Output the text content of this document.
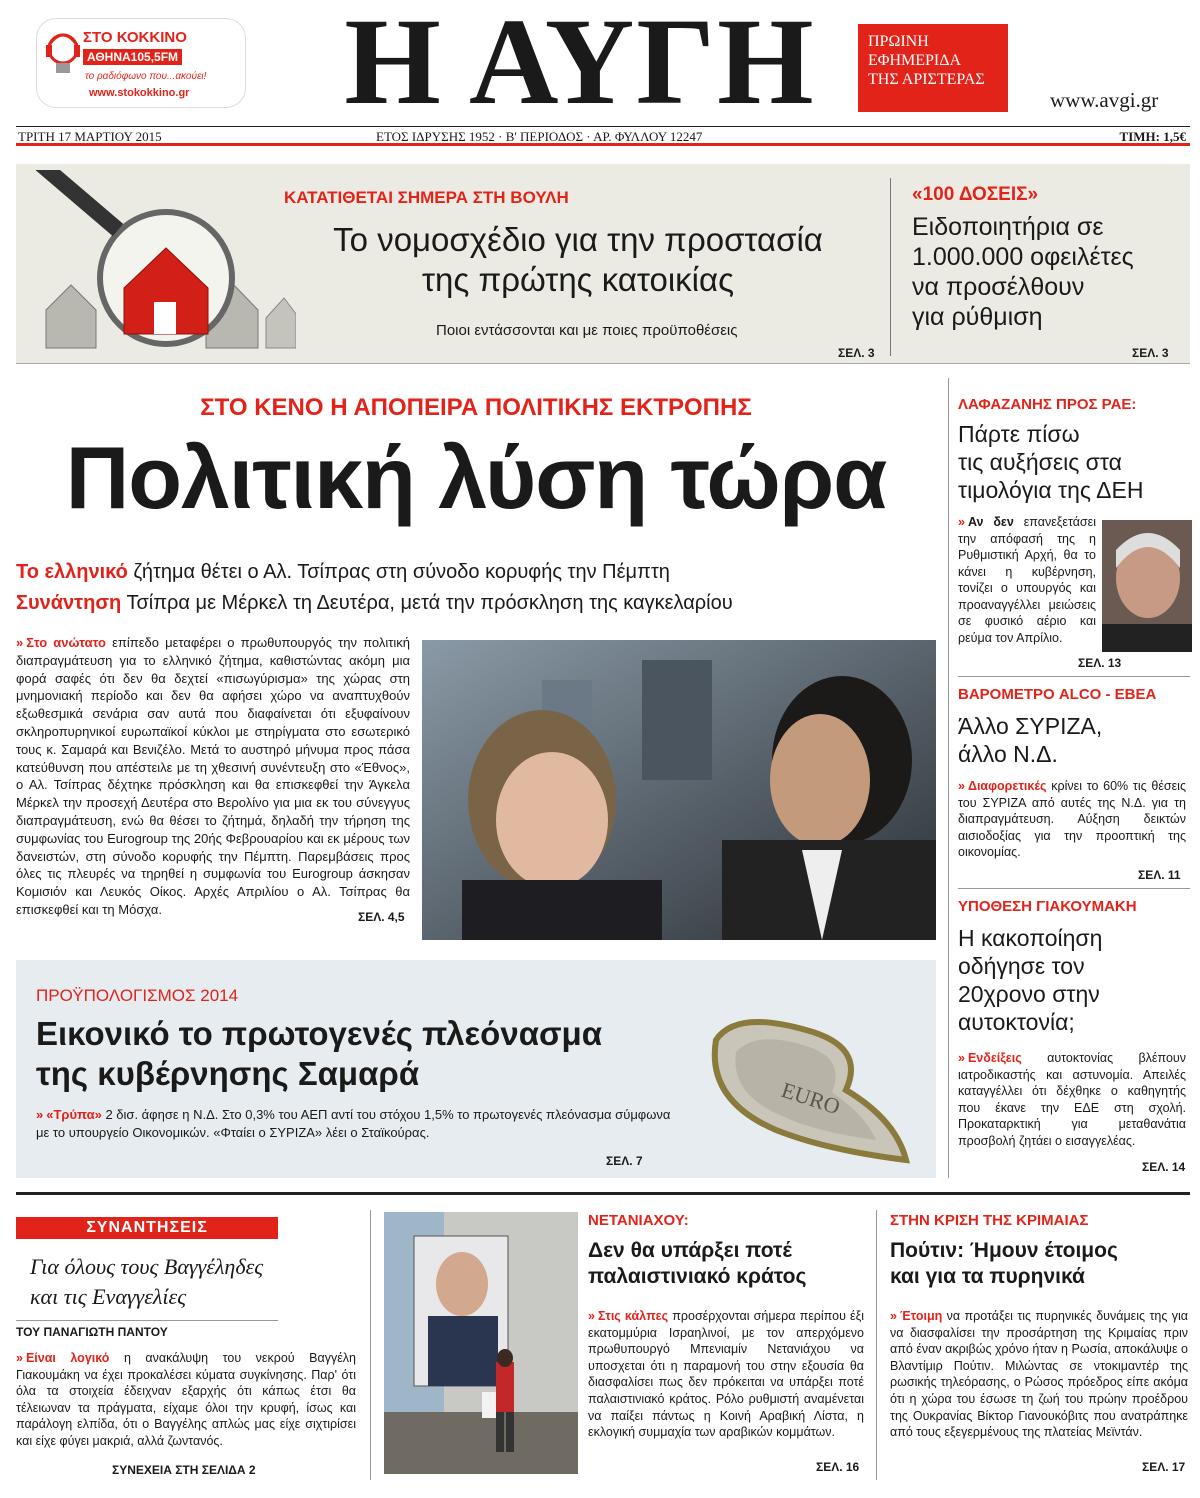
ΣΤΟ ΚΟΚΚΙΝΟ
ΑΘΗΝΑ105,5FM
το ραδιόφωνο που...ακούει!
www.stokokkino.gr	Η ΑΥΓΗ	ΠΡΩΙΝΗ
ΕΦΗΜΕΡΙΔΑ
ΤΗΣ ΑΡΙΣΤΕΡΑΣ
www.avgi.gr
ΤΡΙΤΗ 17 ΜΑΡΤΙΟΥ 2015	ΕΤΟΣ ΙΔΡΥΣΗΣ 1952 · Β' ΠΕΡΙΟΔΟΣ · ΑΡ. ΦΥΛΛΟΥ 12247	ΤΙΜΗ: 1,5€
ΚΑΤΑΤΙΘΕΤΑΙ ΣΗΜΕΡΑ ΣΤΗ ΒΟΥΛΗ
Το νομοσχέδιο για την προστασία
της πρώτης κατοικίας
Ποιοι εντάσσονται και με ποιες προϋποθέσεις
ΣΕΛ. 3
«100 ΔΟΣΕΙΣ»
Ειδοποιητήρια σε
1.000.000 οφειλέτες
να προσέλθουν
για ρύθμιση
ΣΕΛ. 3
ΣΤΟ ΚΕΝΟ Η ΑΠΟΠΕΙΡΑ ΠΟΛΙΤΙΚΗΣ ΕΚΤΡΟΠΗΣ
Πολιτική λύση τώρα
Το ελληνικό ζήτημα θέτει ο Αλ. Τσίπρας στη σύνοδο κορυφής την Πέμπτη
Συνάντηση Τσίπρα με Μέρκελ τη Δευτέρα, μετά την πρόσκληση της καγκελαρίου
» Στο ανώτατο επίπεδο μεταφέρει ο πρωθυπουργός την πολιτική διαπραγμάτευση για το ελληνικό ζήτημα, καθιστώντας ακόμη μια φορά σαφές ότι δεν θα δεχτεί «πισωγύρισμα» της χώρας στη μνημονιακή περίοδο και δεν θα αφήσει χώρο να αναπτυχθούν εξωθεσμικά σενάρια σαν αυτά που διαφαίνεται ότι εξυφαίνουν σκληροπυρηνικοί ευρωπαϊκοί κύκλοι με στηρίγματα στο εσωτερικό τους κ. Σαμαρά και Βενιζέλο. Μετά το αυστηρό μήνυμα προς πάσα κατεύθυνση που απέστειλε με τη χθεσινή συνέντευξη στο «Έθνος», ο Αλ. Τσίπρας δέχτηκε πρόσκληση και θα επισκεφθεί την Άγκελα Μέρκελ την προσεχή Δευτέρα στο Βερολίνο για μια εκ του σύνεγγυς διαπραγμάτευση, ενώ θα θέσει το ζήτημά, δηλαδή την τήρηση της συμφωνίας του Eurogroup της 20ής Φεβρουαρίου και εκ μέρους των δανειστών, στη σύνοδο κορυφής την Πέμπτη. Παρεμβάσεις προς όλες τις πλευρές να τηρηθεί η συμφωνία του Eurogroup άσκησαν Κομισιόν και Λευκός Οίκος. Αρχές Απριλίου ο Αλ. Τσίπρας θα επισκεφθεί και τη Μόσχα.
ΣΕΛ. 4,5
ΛΑΦΑΖΑΝΗΣ ΠΡΟΣ ΡΑΕ:
Πάρτε πίσω
τις αυξήσεις στα
τιμολόγια της ΔΕΗ
» Αν δεν επανεξετάσει την απόφασή της η Ρυθμιστική Αρχή, θα το κάνει η κυβέρνηση, τονίζει ο υπουργός και προαναγγέλλει μειώσεις σε φυσικό αέριο και ρεύμα τον Απρίλιο.
ΣΕΛ. 13
ΒΑΡΟΜΕΤΡΟ ALCO - ΕΒΕΑ
Άλλο ΣΥΡΙΖΑ,
άλλο Ν.Δ.
» Διαφορετικές κρίνει το 60% τις θέσεις του ΣΥΡΙΖΑ από αυτές της Ν.Δ. για τη διαπραγμάτευση. Αύξηση δεικτών αισιοδοξίας για την προοπτική της οικονομίας.
ΣΕΛ. 11
ΥΠΟΘΕΣΗ ΓΙΑΚΟΥΜΑΚΗ
Η κακοποίηση
οδήγησε τον
20χρονο στην
αυτοκτονία;
» Ενδείξεις αυτοκτονίας βλέπουν ιατροδικαστής και αστυνομία. Απειλές καταγγέλλει ότι δέχθηκε ο καθηγητής που έκανε την ΕΔΕ στη σχολή. Προκαταρκτική για μεταθανάτια προσβολή ζητάει ο εισαγγελέας.
ΣΕΛ. 14
ΠΡΟΫΠΟΛΟΓΙΣΜΟΣ 2014
Εικονικό το πρωτογενές πλεόνασμα
της κυβέρνησης Σαμαρά
» «Τρύπα» 2 δισ. άφησε η Ν.Δ. Στο 0,3% του ΑΕΠ αντί του στόχου 1,5% το πρωτογενές πλεόνασμα σύμφωνα με το υπουργείο Οικονομικών. «Φταίει ο ΣΥΡΙΖΑ» λέει ο Σταϊκούρας.
ΣΕΛ. 7
EURO
ΣΥΝΑΝΤΗΣΕΙΣ
Για όλους τους Βαγγέληδες
και τις Εναγγελίες
ΤΟΥ ΠΑΝΑΓΙΩΤΗ ΠΑΝΤΟΥ
» Είναι λογικό η ανακάλυψη του νεκρού Βαγγέλη Γιακουμάκη να έχει προκαλέσει κύματα συγκίνησης. Παρ' ότι όλα τα στοιχεία έδειχναν εξαρχής ότι κάπως έτσι θα τέλειωναν τα πράγματα, είχαμε όλοι την κρυφή, ίσως και παράλογη ελπίδα, ότι ο Βαγγέλης απλώς μας είχε σιχτιρίσει και είχε φύγει μακριά, αλλά ζωντανός.
ΣΥΝΕΧΕΙΑ ΣΤΗ ΣΕΛΙΔΑ 2
ΝΕΤΑΝΙΑΧΟΥ:
Δεν θα υπάρξει ποτέ
παλαιστινιακό κράτος
» Στις κάλπες προσέρχονται σήμερα περίπου έξι εκατομμύρια Ισραηλινοί, με τον απερχόμενο πρωθυπουργό Μπενιαμίν Νετανιάχου να υποσχεται ότι η παραμονή του στην εξουσία θα διασφαλίσει πως δεν πρόκειται να υπάρξει ποτέ παλαιστινιακό κράτος. Ρόλο ρυθμιστή αναμένεται να παίξει πάντως η Κοινή Αραβική Λίστα, η εκλογική συμμαχία των αραβικών κομμάτων.
ΣΕΛ. 16
ΣΤΗΝ ΚΡΙΣΗ ΤΗΣ ΚΡΙΜΑΙΑΣ
Πούτιν: Ήμουν έτοιμος
και για τα πυρηνικά
» Έτοιμη να προτάξει τις πυρηνικές δυνάμεις της για να διασφαλίσει την προσάρτηση της Κριμαίας πριν από έναν ακριβώς χρόνο ήταν η Ρωσία, αποκάλυψε ο Βλαντίμιρ Πούτιν. Μιλώντας σε ντοκιμαντέρ της ρωσικής τηλεόρασης, ο Ρώσος πρόεδρος είπε ακόμα ότι η χώρα του έσωσε τη ζωή του πρώην προέδρου της Ουκρανίας Βίκτορ Γιανουκόβιτς που ανατράπηκε από τους εξεγερμένους της πλατείας Μεϊντάν.
ΣΕΛ. 17
